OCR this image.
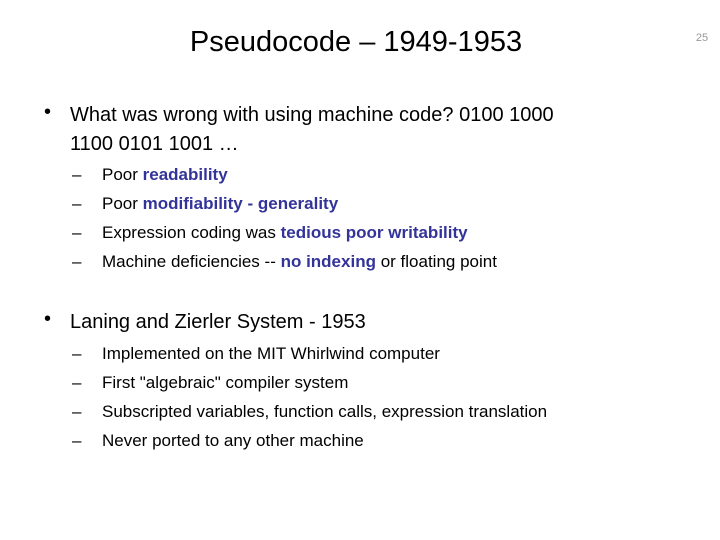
Pseudocode – 1949-1953	25
• What was wrong with using machine code? 0100 1000
1100 0101 1001 …
– Poor readability
– Poor modifiability - generality
– Expression coding was tedious poor writability
– Machine deficiencies -- no indexing or floating point
• Laning and Zierler System - 1953
– Implemented on the MIT Whirlwind computer
– First "algebraic" compiler system
– Subscripted variables, function calls, expression translation
– Never ported to any other machine
